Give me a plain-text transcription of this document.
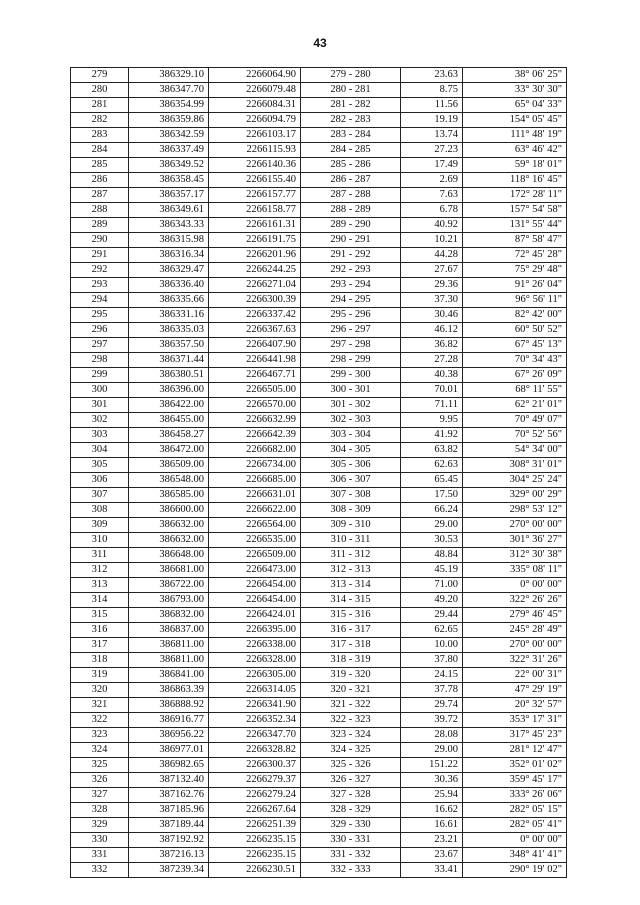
43
279	386329.10	2266064.90	279 - 280	23.63	38° 06' 25"
280	386347.70	2266079.48	280 - 281	8.75	33° 30' 30"
281	386354.99	2266084.31	281 - 282	11.56	65° 04' 33"
282	386359.86	2266094.79	282 - 283	19.19	154° 05' 45"
283	386342.59	2266103.17	283 - 284	13.74	111° 48' 19"
284	386337.49	2266115.93	284 - 285	27.23	63° 46' 42"
285	386349.52	2266140.36	285 - 286	17.49	59° 18' 01"
286	386358.45	2266155.40	286 - 287	2.69	118° 16' 45"
287	386357.17	2266157.77	287 - 288	7.63	172° 28' 11"
288	386349.61	2266158.77	288 - 289	6.78	157° 54' 58"
289	386343.33	2266161.31	289 - 290	40.92	131° 55' 44"
290	386315.98	2266191.75	290 - 291	10.21	87° 58' 47"
291	386316.34	2266201.96	291 - 292	44.28	72° 45' 28"
292	386329.47	2266244.25	292 - 293	27.67	75° 29' 48"
293	386336.40	2266271.04	293 - 294	29.36	91° 26' 04"
294	386335.66	2266300.39	294 - 295	37.30	96° 56' 11"
295	386331.16	2266337.42	295 - 296	30.46	82° 42' 00"
296	386335.03	2266367.63	296 - 297	46.12	60° 50' 52"
297	386357.50	2266407.90	297 - 298	36.82	67° 45' 13"
298	386371.44	2266441.98	298 - 299	27.28	70° 34' 43"
299	386380.51	2266467.71	299 - 300	40.38	67° 26' 09"
300	386396.00	2266505.00	300 - 301	70.01	68° 11' 55"
301	386422.00	2266570.00	301 - 302	71.11	62° 21' 01"
302	386455.00	2266632.99	302 - 303	9.95	70° 49' 07"
303	386458.27	2266642.39	303 - 304	41.92	70° 52' 56"
304	386472.00	2266682.00	304 - 305	63.82	54° 34' 00"
305	386509.00	2266734.00	305 - 306	62.63	308° 31' 01"
306	386548.00	2266685.00	306 - 307	65.45	304° 25' 24"
307	386585.00	2266631.01	307 - 308	17.50	329° 00' 29"
308	386600.00	2266622.00	308 - 309	66.24	298° 53' 12"
309	386632.00	2266564.00	309 - 310	29.00	270° 00' 00"
310	386632.00	2266535.00	310 - 311	30.53	301° 36' 27"
311	386648.00	2266509.00	311 - 312	48.84	312° 30' 38"
312	386681.00	2266473.00	312 - 313	45.19	335° 08' 11"
313	386722.00	2266454.00	313 - 314	71.00	0° 00' 00"
314	386793.00	2266454.00	314 - 315	49.20	322° 26' 26"
315	386832.00	2266424.01	315 - 316	29.44	279° 46' 45"
316	386837.00	2266395.00	316 - 317	62.65	245° 28' 49"
317	386811.00	2266338.00	317 - 318	10.00	270° 00' 00"
318	386811.00	2266328.00	318 - 319	37.80	322° 31' 26"
319	386841.00	2266305.00	319 - 320	24.15	22° 00' 31"
320	386863.39	2266314.05	320 - 321	37.78	47° 29' 19"
321	386888.92	2266341.90	321 - 322	29.74	20° 32' 57"
322	386916.77	2266352.34	322 - 323	39.72	353° 17' 31"
323	386956.22	2266347.70	323 - 324	28.08	317° 45' 23"
324	386977.01	2266328.82	324 - 325	29.00	281° 12' 47"
325	386982.65	2266300.37	325 - 326	151.22	352° 01' 02"
326	387132.40	2266279.37	326 - 327	30.36	359° 45' 17"
327	387162.76	2266279.24	327 - 328	25.94	333° 26' 06"
328	387185.96	2266267.64	328 - 329	16.62	282° 05' 15"
329	387189.44	2266251.39	329 - 330	16.61	282° 05' 41"
330	387192.92	2266235.15	330 - 331	23.21	0° 00' 00"
331	387216.13	2266235.15	331 - 332	23.67	348° 41' 41"
332	387239.34	2266230.51	332 - 333	33.41	290° 19' 02"
